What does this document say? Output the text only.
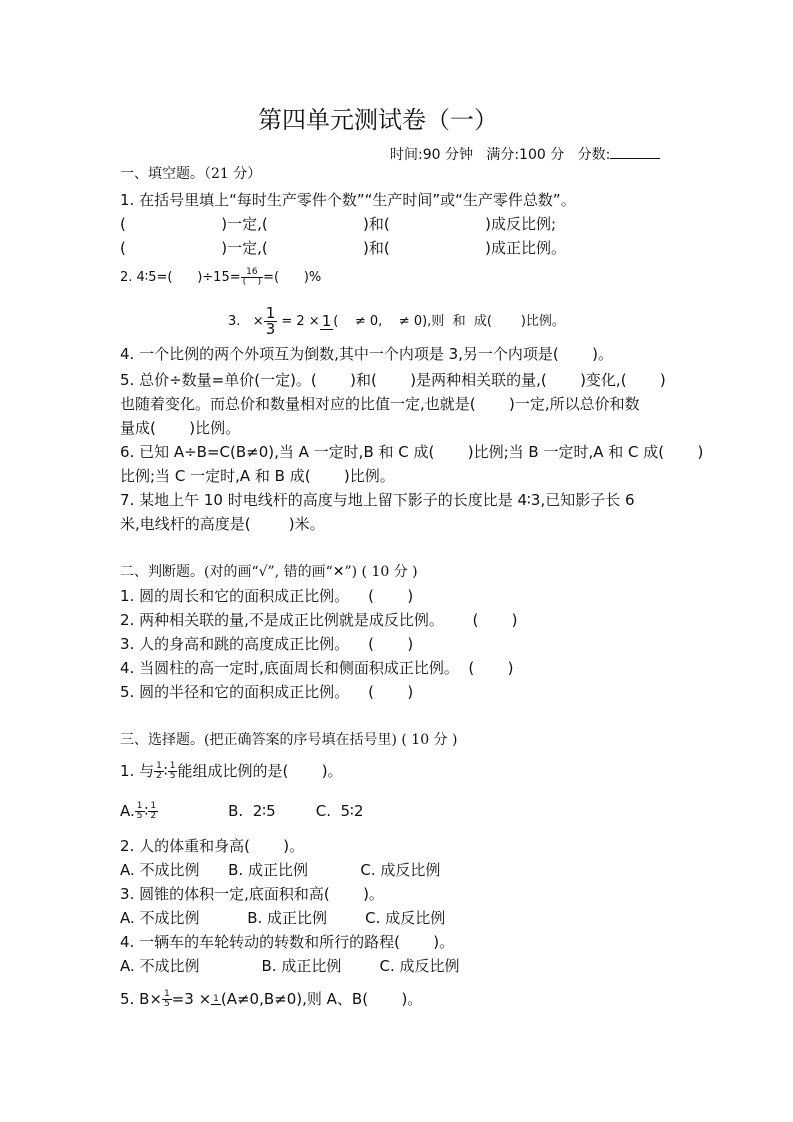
第四单元测试卷（一）
时间:90 分钟 满分:100 分 分数:
一、填空题。（21 分）
1. 在括号里填上“每时生产零件个数”“生产时间”或“生产零件总数”。
(                    )一定,(                    )和(                    )成反比例;
(                    )一定,(                    )和(                    )成正比例。
2. 4∶5=(      )$\div 15= \frac{16}{( )}$ =(      )%
3.   × $\frac{1}{3} = 2 \times 1$ (    ≠ 0,    ≠ 0),则  和  成(       )比例。
4. 一个比例的两个外项互为倒数,其中一个内项是 3,另一个内项是(       )。
5. 总价÷数量=单价(一定)。(       )和(       )是两种相关联的量,(       )变化,(       )
也随着变化。而总价和数量相对应的比值一定,也就是(       )一定,所以总价和数
量成(       )比例。
6. 已知 A÷B=C(B≠0),当 A 一定时,B 和 C 成(       )比例;当 B 一定时,A 和 C 成(       )
比例;当 C 一定时,A 和 B 成(       )比例。
7. 某地上午 10 时电线杆的高度与地上留下影子的长度比是 4∶3,已知影子长 6
米,电线杆的高度是(        )米。
二、判断题。(对的画“√”, 错的画“✕”) ( 10 分 )
1. 圆的周长和它的面积成正比例。    (       )
2. 两种相关联的量,不是成正比例就是成反比例。      (       )
3. 人的身高和跳的高度成正比例。    (       )
4. 当圆柱的高一定时,底面周长和侧面积成正比例。  (       )
5. 圆的半径和它的面积成正比例。    (       )
三、选择题。(把正确答案的序号填在括号里) ( 10 分 )
1. 与 $\frac{1}{2}$ ∶ $\frac{1}{5}$ 能组成比例的是(       )。
A. $\frac{1}{5}$ ∶ $\frac{1}{2}$	B.  2∶5	C.  5∶2
2. 人的体重和身高(       )。
A. 不成比例      B. 成正比例           C. 成反比例
3. 圆锥的体积一定,底面积和高(       )。
A. 不成比例          B. 成正比例        C. 成反比例
4. 一辆车的车轮转动的转数和所行的路程(       )。
A. 不成比例             B. 成正比例        C. 成反比例
5. $B\times \frac{1}{5} =3 \times 1$ (A≠0,B≠0),则 A、B(       )。
